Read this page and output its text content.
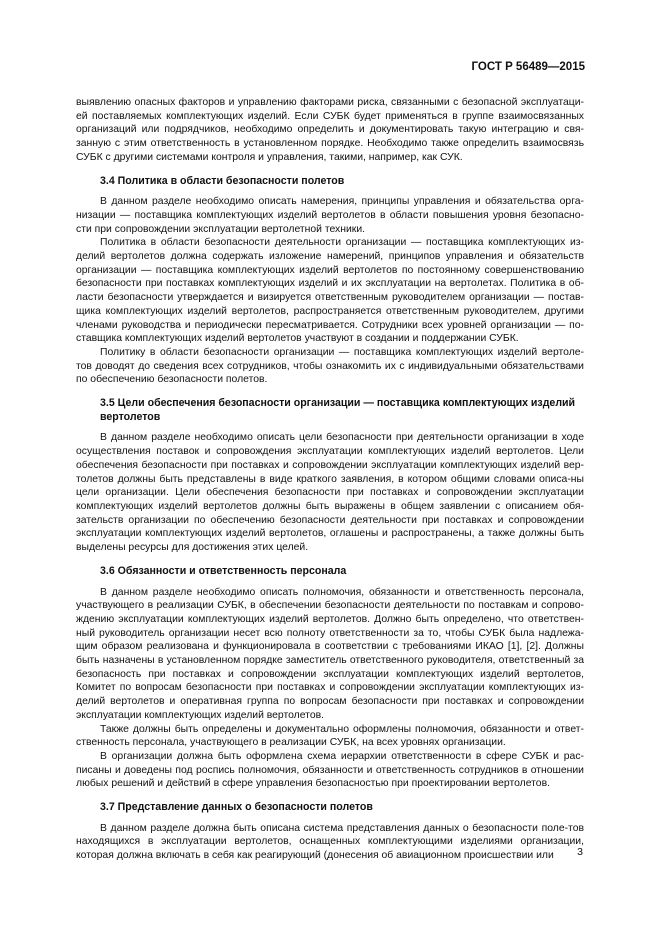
ГОСТ Р 56489—2015

выявлению опасных факторов и управлению факторами риска, связанными с безопасной эксплуатаци-ей поставляемых комплектующих изделий. Если СУБК будет применяться в группе взаимосвязанных организаций или подрядчиков, необходимо определить и документировать такую интеграцию и свя-занную с этим ответственность в установленном порядке. Необходимо также определить взаимосвязь СУБК с другими системами контроля и управления, такими, например, как СУК.

3.4 Политика в области безопасности полетов

В данном разделе необходимо описать намерения, принципы управления и обязательства орга-низации — поставщика комплектующих изделий вертолетов в области повышения уровня безопасно-сти при сопровождении эксплуатации вертолетной техники.

Политика в области безопасности деятельности организации — поставщика комплектующих из-делий вертолетов должна содержать изложение намерений, принципов управления и обязательств организации — поставщика комплектующих изделий вертолетов по постоянному совершенствованию безопасности при поставках комплектующих изделий и их эксплуатации на вертолетах. Политика в об-ласти безопасности утверждается и визируется ответственным руководителем организации — постав-щика комплектующих изделий вертолетов, распространяется ответственным руководителем, другими членами руководства и периодически пересматривается. Сотрудники всех уровней организации — по-ставщика комплектующих изделий вертолетов участвуют в создании и поддержании СУБК.

Политику в области безопасности организации — поставщика комплектующих изделий вертоле-тов доводят до сведения всех сотрудников, чтобы ознакомить их с индивидуальными обязательствами по обеспечению безопасности полетов.

3.5 Цели обеспечения безопасности организации — поставщика комплектующих изделий
вертолетов

В данном разделе необходимо описать цели безопасности при деятельности организации в ходе осуществления поставок и сопровождения эксплуатации комплектующих изделий вертолетов. Цели обеспечения безопасности при поставках и сопровождении эксплуатации комплектующих изделий вер-толетов должны быть представлены в виде краткого заявления, в котором общими словами описа-ны цели организации. Цели обеспечения безопасности при поставках и сопровождении эксплуатации комплектующих изделий вертолетов должны быть выражены в общем заявлении с описанием обя-зательств организации по обеспечению безопасности деятельности при поставках и сопровождении эксплуатации комплектующих изделий вертолетов, оглашены и распространены, а также должны быть выделены ресурсы для достижения этих целей.

3.6 Обязанности и ответственность персонала

В данном разделе необходимо описать полномочия, обязанности и ответственность персонала, участвующего в реализации СУБК, в обеспечении безопасности деятельности по поставкам и сопрово-ждению эксплуатации комплектующих изделий вертолетов. Должно быть определено, что ответствен-ный руководитель организации несет всю полноту ответственности за то, чтобы СУБК была надлежа-щим образом реализована и функционировала в соответствии с требованиями ИКАО [1], [2]. Должны быть назначены в установленном порядке заместитель ответственного руководителя, ответственный за безопасность при поставках и сопровождении эксплуатации комплектующих изделий вертолетов, Комитет по вопросам безопасности при поставках и сопровождении эксплуатации комплектующих из-делий вертолетов и оперативная группа по вопросам безопасности при поставках и сопровождении эксплуатации комплектующих изделий вертолетов.

Также должны быть определены и документально оформлены полномочия, обязанности и ответ-ственность персонала, участвующего в реализации СУБК, на всех уровнях организации.

В организации должна быть оформлена схема иерархии ответственности в сфере СУБК и рас-писаны и доведены под роспись полномочия, обязанности и ответственность сотрудников в отношении любых решений и действий в сфере управления безопасностью при проектировании вертолетов.

3.7 Представление данных о безопасности полетов

В данном разделе должна быть описана система представления данных о безопасности поле-тов находящихся в эксплуатации вертолетов, оснащенных комплектующими изделиями организации, которая должна включать в себя как реагирующий (донесения об авиационном происшествии или	3
